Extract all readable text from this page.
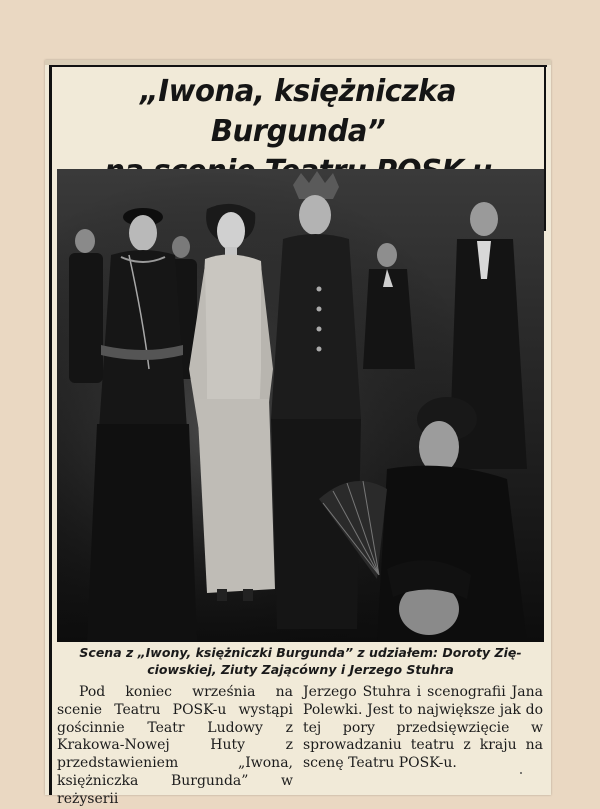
„Iwona, księżniczka Burgunda”

Scena z „Iwony, księżniczki Burgunda” z udziałem: Doroty Zię-
ciowskiej, Ziuty Zającówny i Jerzego Stuhra

Pod koniec września na scenie Teatru POSK-u wystąpi gościnnie Teatr Ludowy z Krakowa-Nowej Huty z przedstawieniem „Iwona, księżniczka Burgunda” w reżyserii

Jerzego Stuhra i scenografii Jana Polewki. Jest to największe jak do tej pory przedsięwzięcie w sprowadzaniu teatru z kraju na scenę Teatru POSK-u.
